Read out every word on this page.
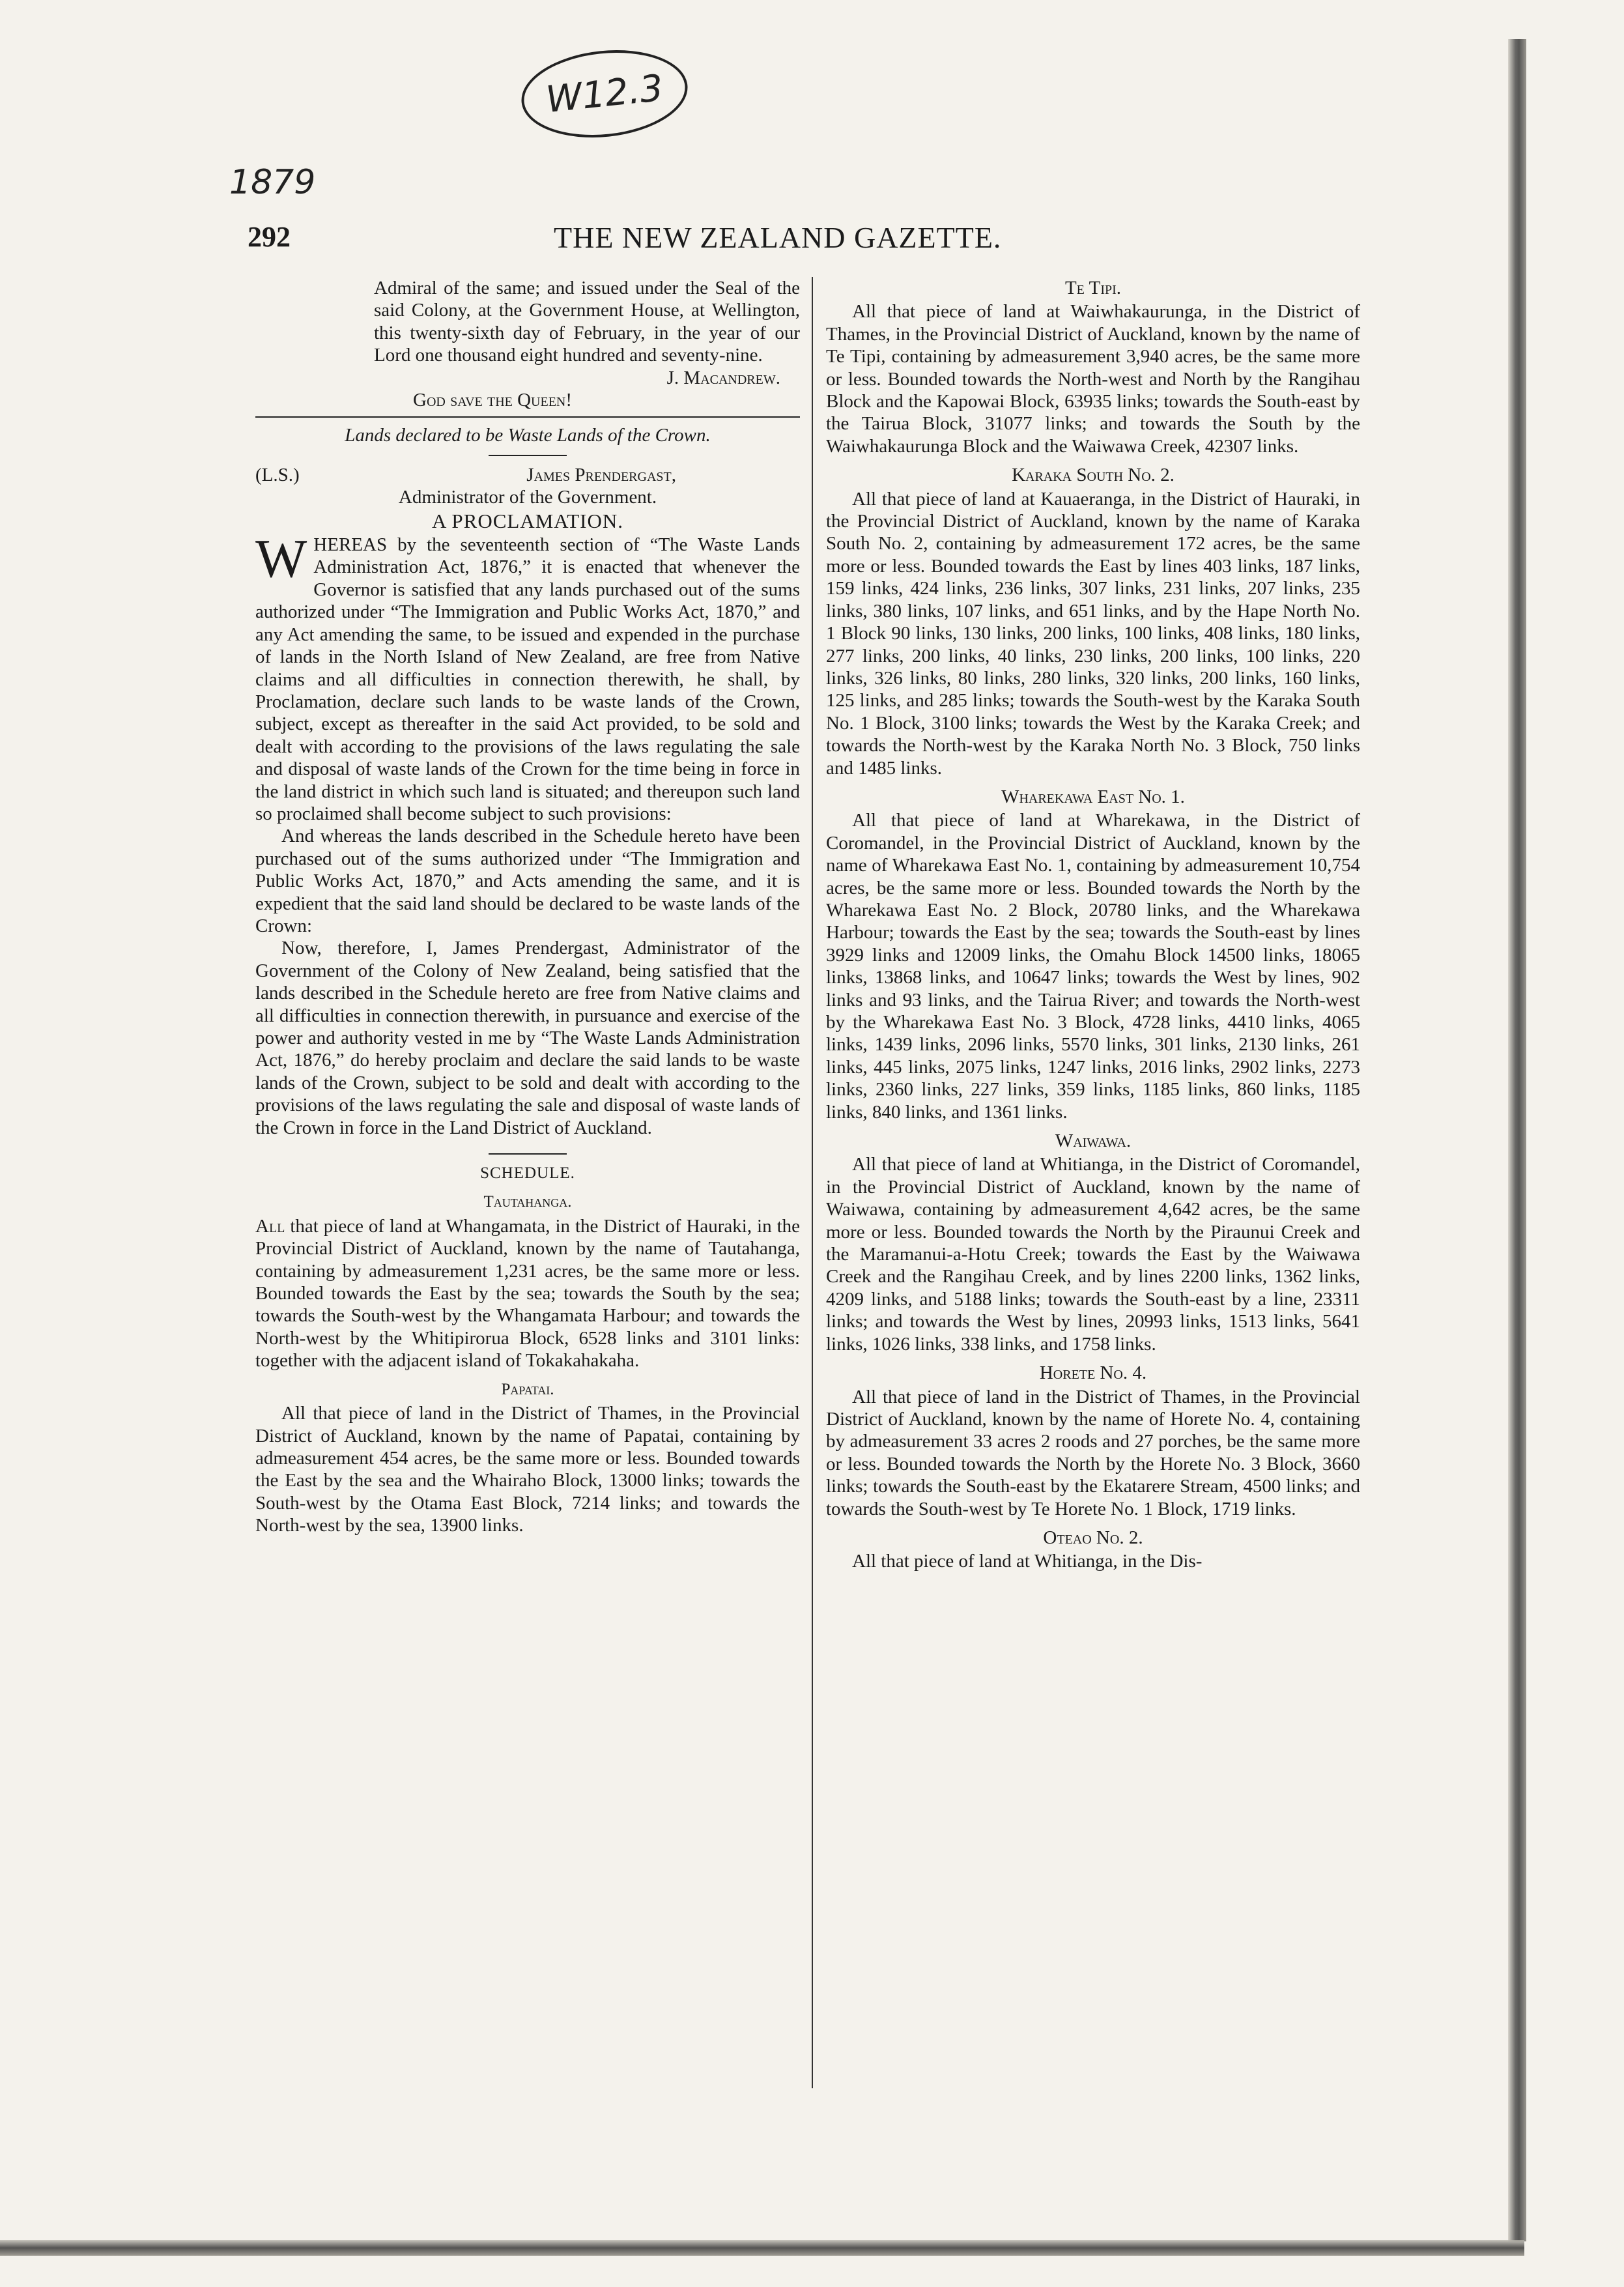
W12.3
1879
292	THE NEW ZEALAND GAZETTE.

Admiral of the same; and issued under the Seal of the said Colony, at the Government House, at Wellington, this twenty-sixth day of February, in the year of our Lord one thousand eight hundred and seventy-nine.

J. Macandrew.

God save the Queen!

Lands declared to be Waste Lands of the Crown.
(L.S.)	James Prendergast,
Administrator of the Government.
A PROCLAMATION.

WHEREAS by the seventeenth section of “The Waste Lands Administration Act, 1876,” it is enacted that whenever the Governor is satisfied that any lands purchased out of the sums authorized under “The Immigration and Public Works Act, 1870,” and any Act amending the same, to be issued and expended in the purchase of lands in the North Island of New Zealand, are free from Native claims and all difficulties in connection therewith, he shall, by Proclamation, declare such lands to be waste lands of the Crown, subject, except as thereafter in the said Act provided, to be sold and dealt with according to the provisions of the laws regulating the sale and disposal of waste lands of the Crown for the time being in force in the land district in which such land is situated; and thereupon such land so proclaimed shall become subject to such provisions:

And whereas the lands described in the Schedule hereto have been purchased out of the sums authorized under “The Immigration and Public Works Act, 1870,” and Acts amending the same, and it is expedient that the said land should be declared to be waste lands of the Crown:

Now, therefore, I, James Prendergast, Administrator of the Government of the Colony of New Zealand, being satisfied that the lands described in the Schedule hereto are free from Native claims and all difficulties in connection therewith, in pursuance and exercise of the power and authority vested in me by “The Waste Lands Administration Act, 1876,” do hereby proclaim and declare the said lands to be waste lands of the Crown, subject to be sold and dealt with according to the provisions of the laws regulating the sale and disposal of waste lands of the Crown in force in the Land District of Auckland.

SCHEDULE.
Tautahanga.

All that piece of land at Whangamata, in the District of Hauraki, in the Provincial District of Auckland, known by the name of Tautahanga, containing by admeasurement 1,231 acres, be the same more or less. Bounded towards the East by the sea; towards the South by the sea; towards the South-west by the Whangamata Harbour; and towards the North-west by the Whitipirorua Block, 6528 links and 3101 links: together with the adjacent island of Tokakahakaha.

Papatai.

All that piece of land in the District of Thames, in the Provincial District of Auckland, known by the name of Papatai, containing by admeasurement 454 acres, be the same more or less. Bounded towards the East by the sea and the Whairaho Block, 13000 links; towards the South-west by the Otama East Block, 7214 links; and towards the North-west by the sea, 13900 links.

Te Tipi.

All that piece of land at Waiwhakaurunga, in the District of Thames, in the Provincial District of Auckland, known by the name of Te Tipi, containing by admeasurement 3,940 acres, be the same more or less. Bounded towards the North-west and North by the Rangihau Block and the Kapowai Block, 63935 links; towards the South-east by the Tairua Block, 31077 links; and towards the South by the Waiwhakaurunga Block and the Waiwawa Creek, 42307 links.

Karaka South No. 2.

All that piece of land at Kauaeranga, in the District of Hauraki, in the Provincial District of Auckland, known by the name of Karaka South No. 2, containing by admeasurement 172 acres, be the same more or less. Bounded towards the East by lines 403 links, 187 links, 159 links, 424 links, 236 links, 307 links, 231 links, 207 links, 235 links, 380 links, 107 links, and 651 links, and by the Hape North No. 1 Block 90 links, 130 links, 200 links, 100 links, 408 links, 180 links, 277 links, 200 links, 40 links, 230 links, 200 links, 100 links, 220 links, 326 links, 80 links, 280 links, 320 links, 200 links, 160 links, 125 links, and 285 links; towards the South-west by the Karaka South No. 1 Block, 3100 links; towards the West by the Karaka Creek; and towards the North-west by the Karaka North No. 3 Block, 750 links and 1485 links.

Wharekawa East No. 1.

All that piece of land at Wharekawa, in the District of Coromandel, in the Provincial District of Auckland, known by the name of Wharekawa East No. 1, containing by admeasurement 10,754 acres, be the same more or less. Bounded towards the North by the Wharekawa East No. 2 Block, 20780 links, and the Wharekawa Harbour; towards the East by the sea; towards the South-east by lines 3929 links and 12009 links, the Omahu Block 14500 links, 18065 links, 13868 links, and 10647 links; towards the West by lines, 902 links and 93 links, and the Tairua River; and towards the North-west by the Wharekawa East No. 3 Block, 4728 links, 4410 links, 4065 links, 1439 links, 2096 links, 5570 links, 301 links, 2130 links, 261 links, 445 links, 2075 links, 1247 links, 2016 links, 2902 links, 2273 links, 2360 links, 227 links, 359 links, 1185 links, 860 links, 1185 links, 840 links, and 1361 links.

Waiwawa.

All that piece of land at Whitianga, in the District of Coromandel, in the Provincial District of Auckland, known by the name of Waiwawa, containing by admeasurement 4,642 acres, be the same more or less. Bounded towards the North by the Piraunui Creek and the Maramanui-a-Hotu Creek; towards the East by the Waiwawa Creek and the Rangihau Creek, and by lines 2200 links, 1362 links, 4209 links, and 5188 links; towards the South-east by a line, 23311 links; and towards the West by lines, 20993 links, 1513 links, 5641 links, 1026 links, 338 links, and 1758 links.

Horete No. 4.

All that piece of land in the District of Thames, in the Provincial District of Auckland, known by the name of Horete No. 4, containing by admeasurement 33 acres 2 roods and 27 porches, be the same more or less. Bounded towards the North by the Horete No. 3 Block, 3660 links; towards the South-east by the Ekatarere Stream, 4500 links; and towards the South-west by Te Horete No. 1 Block, 1719 links.

Oteao No. 2.

All that piece of land at Whitianga, in the Dis-
